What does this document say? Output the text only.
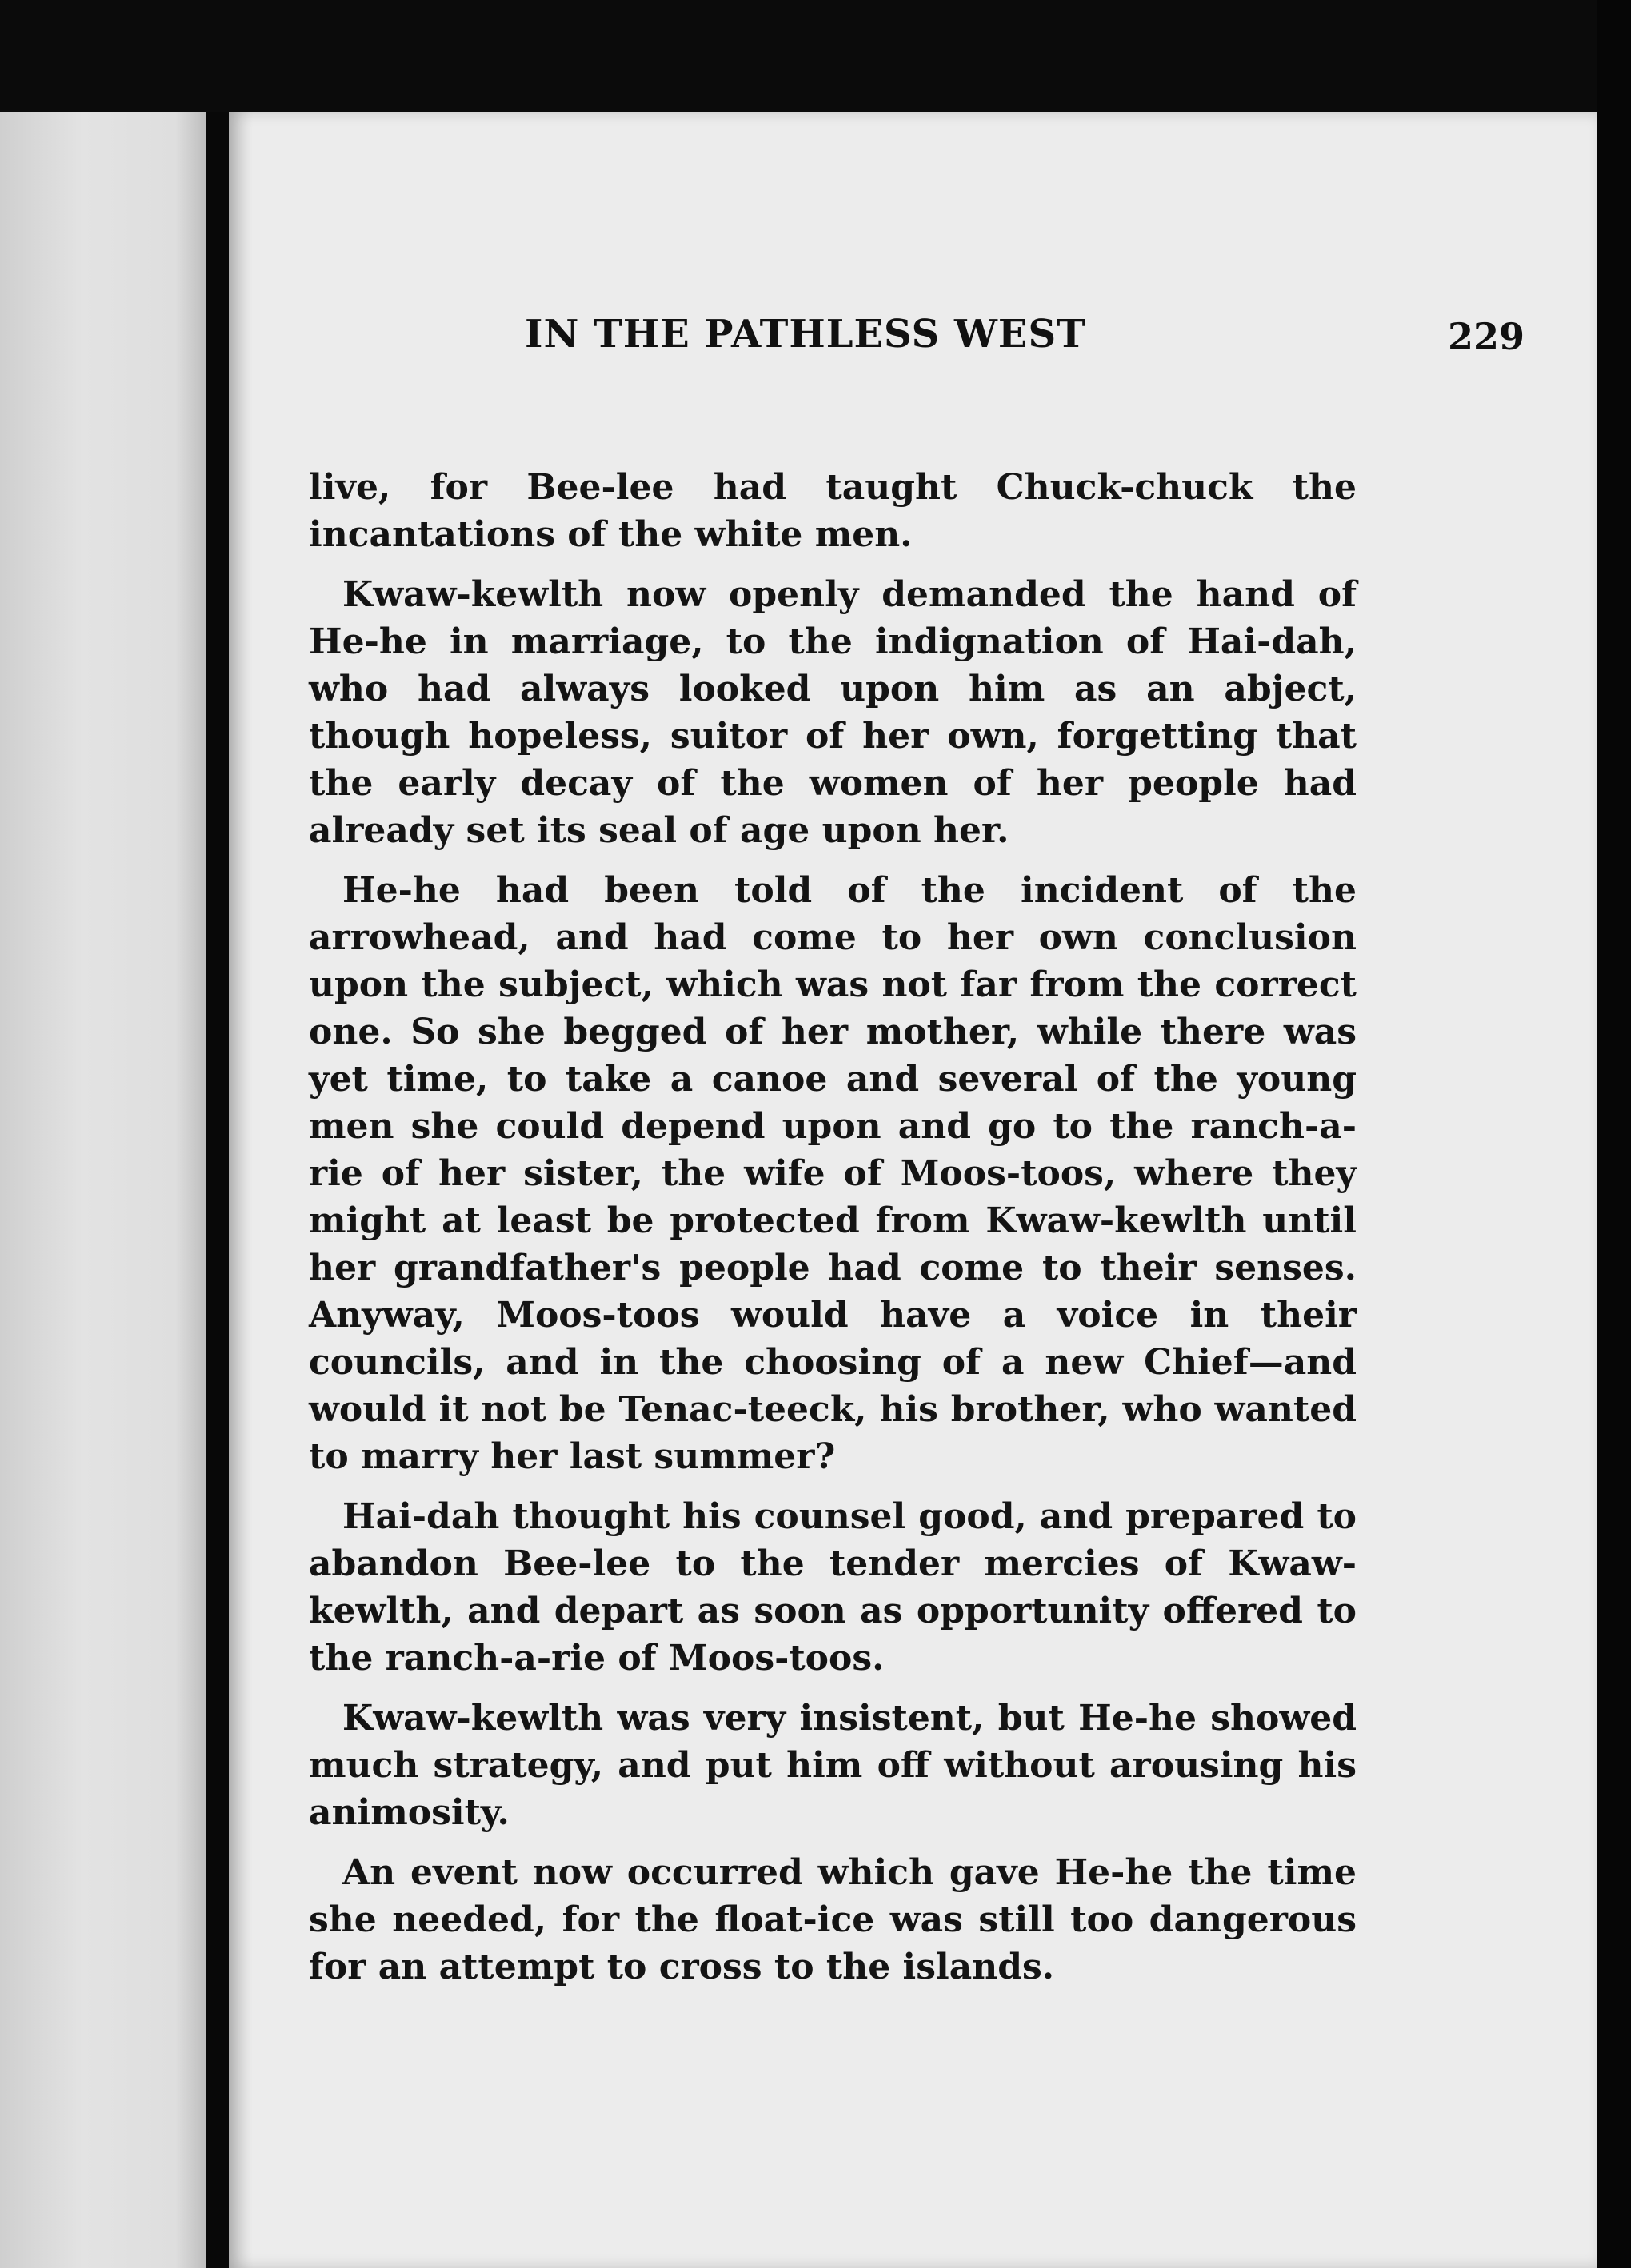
IN THE PATHLESS WEST	229

live, for Bee-lee had taught Chuck-chuck the incantations of the white men.

Kwaw-kewlth now openly demanded the hand of He-he in marriage, to the indignation of Hai-dah, who had always looked upon him as an abject, though hopeless, suitor of her own, forgetting that the early decay of the women of her people had already set its seal of age upon her.

He-he had been told of the incident of the arrowhead, and had come to her own conclusion upon the subject, which was not far from the correct one. So she begged of her mother, while there was yet time, to take a canoe and several of the young men she could depend upon and go to the ranch-a-rie of her sister, the wife of Moos-toos, where they might at least be protected from Kwaw-kewlth until her grandfather's people had come to their senses. Anyway, Moos-toos would have a voice in their councils, and in the choosing of a new Chief—and would it not be Tenac-teeck, his brother, who wanted to marry her last summer?

Hai-dah thought his counsel good, and prepared to abandon Bee-lee to the tender mercies of Kwaw-kewlth, and depart as soon as opportunity offered to the ranch-a-rie of Moos-toos.

Kwaw-kewlth was very insistent, but He-he showed much strategy, and put him off without arousing his animosity.

An event now occurred which gave He-he the time she needed, for the float-ice was still too dangerous for an attempt to cross to the islands.
